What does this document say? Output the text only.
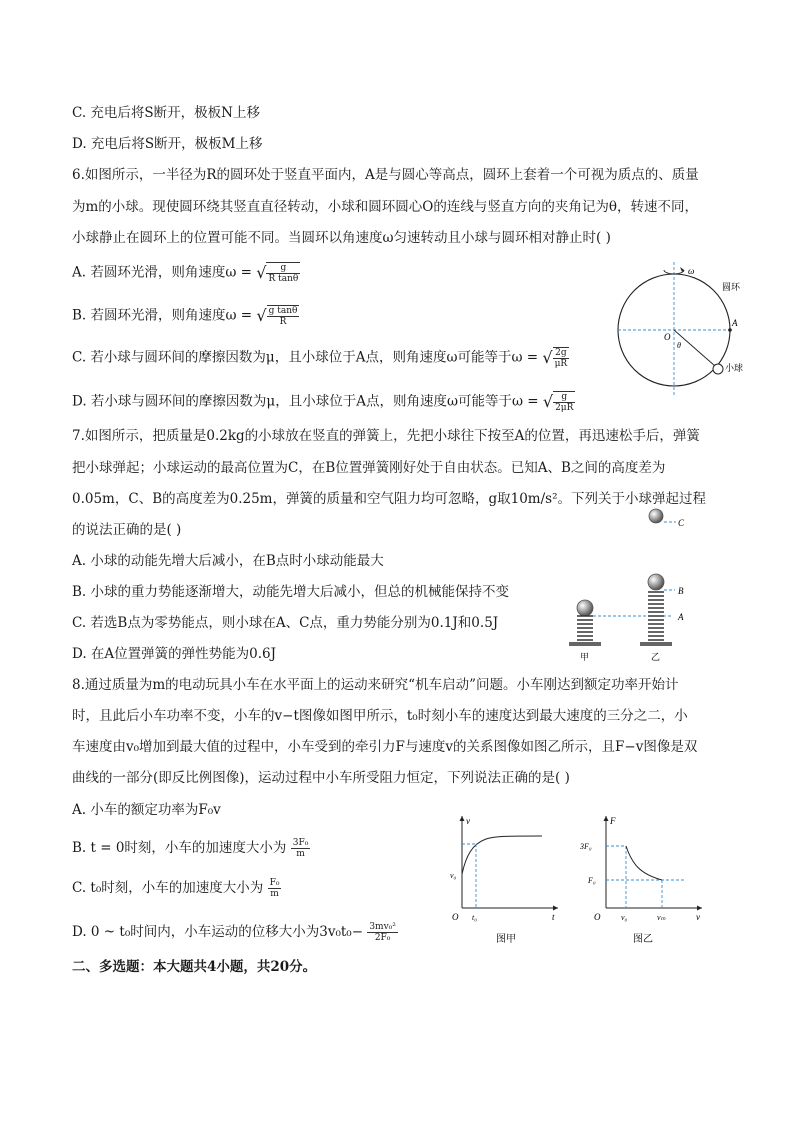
C. 充电后将S断开，极板N上移
D. 充电后将S断开，极板M上移
6.如图所示，一半径为R的圆环处于竖直平面内，A是与圆心等高点，圆环上套着一个可视为质点的、质量
为m的小球。现使圆环绕其竖直直径转动，小球和圆环圆心O的连线与竖直方向的夹角记为θ，转速不同，
小球静止在圆环上的位置可能不同。当圆环以角速度ω匀速转动且小球与圆环相对静止时( )
A. 若圆环光滑，则角速度ω = √ $\frac{g}{\text{R tanθ}}$
B. 若圆环光滑，则角速度ω = √ $\frac{\text{g tanθ}}{R}$
C. 若小球与圆环间的摩擦因数为μ，且小球位于A点，则角速度ω可能等于ω = √ $\frac{2g}{\mu R}$
D. 若小球与圆环间的摩擦因数为μ，且小球位于A点，则角速度ω可能等于ω = √ $\frac{g}{2\mu R}$
ω
圆环
A
O
θ
小球
7.如图所示，把质量是0.2kg的小球放在竖直的弹簧上，先把小球往下按至A的位置，再迅速松手后，弹簧
把小球弹起；小球运动的最高位置为C，在B位置弹簧刚好处于自由状态。已知A、B之间的高度差为
0.05m，C、B的高度差为0.25m，弹簧的质量和空气阻力均可忽略，g取10m/s²。下列关于小球弹起过程
的说法正确的是( )
A. 小球的动能先增大后减小，在B点时小球动能最大
B. 小球的重力势能逐渐增大，动能先增大后减小，但总的机械能保持不变
C. 若选B点为零势能点，则小球在A、C点，重力势能分别为0.1J和0.5J
D. 在A位置弹簧的弹性势能为0.6J
C
甲
A
乙
B
8.通过质量为m的电动玩具小车在水平面上的运动来研究“机车启动”问题。小车刚达到额定功率开始计
时，且此后小车功率不变，小车的v−t图像如图甲所示，t₀时刻小车的速度达到最大速度的三分之二，小
车速度由v₀增加到最大值的过程中，小车受到的牵引力F与速度v的关系图像如图乙所示，且F−v图像是双
曲线的一部分(即反比例图像)，运动过程中小车所受阻力恒定，下列说法正确的是( )
A. 小车的额定功率为F₀v
B. t = 0时刻，小车的加速度大小为 $\frac{\text{3F₀}}{m}$
C. t₀时刻，小车的加速度大小为 $\frac{\text{F₀}}{m}$
D. 0 ~ t₀时间内，小车运动的位移大小为$3v_0t_0- \frac{\text{3mv₀²}}{\text{2F₀}}$
v
v₀
O t₀	t
图甲
F
3F₀
F₀
O	v₀	vₘ	v
图乙
二、多选题：本大题共4小题，共20分。
